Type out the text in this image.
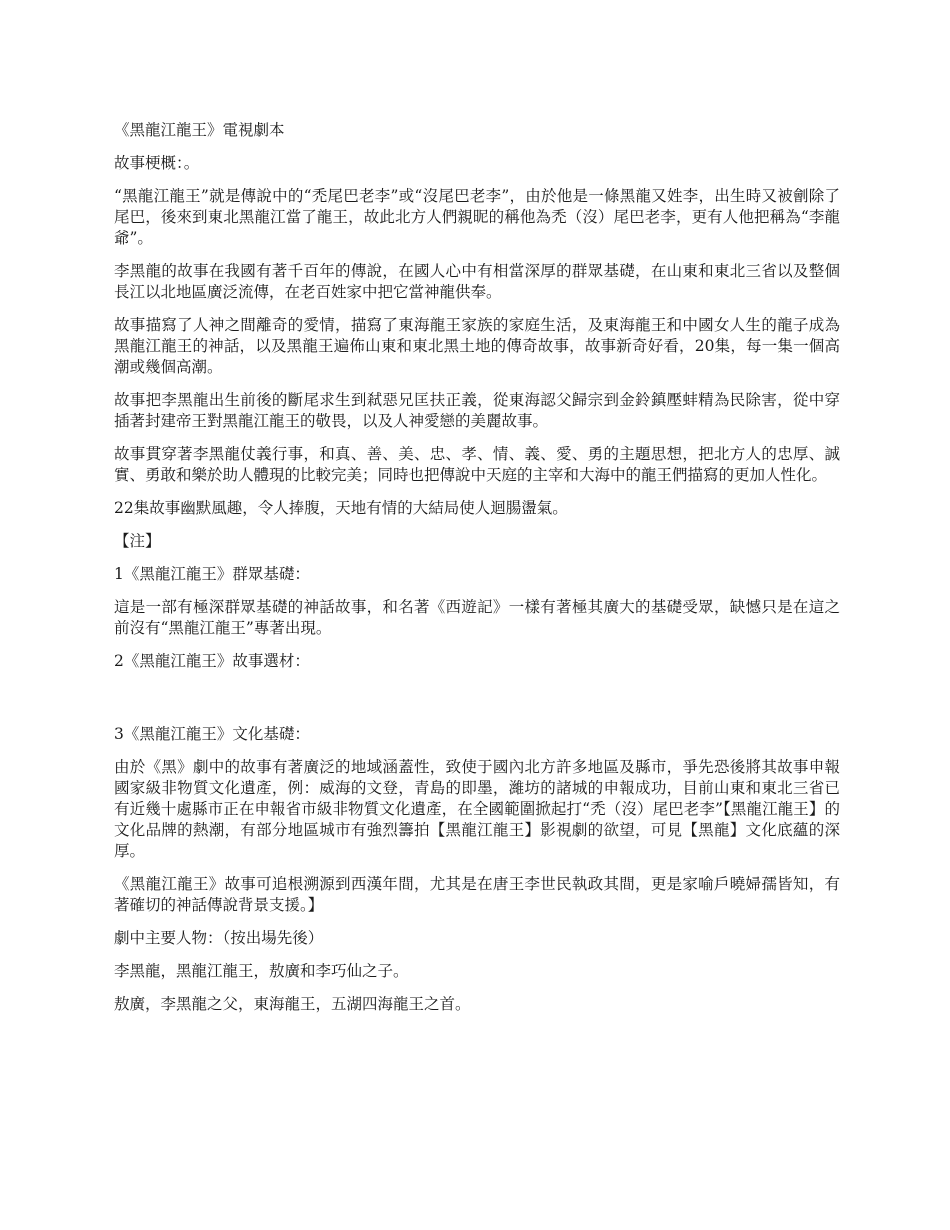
《黑龍江龍王》電視劇本

故事梗概：。

“黑龍江龍王”就是傳說中的“禿尾巴老李”或“沒尾巴老李”，由於他是一條黑龍又姓李，出生時又被劊除了尾巴，後來到東北黑龍江當了龍王，故此北方人們親昵的稱他為禿（沒）尾巴老李，更有人他把稱為“李龍爺”。

李黑龍的故事在我國有著千百年的傳說，在國人心中有相當深厚的群眾基礎，在山東和東北三省以及整個長江以北地區廣泛流傳，在老百姓家中把它當神龍供奉。

故事描寫了人神之間離奇的愛情，描寫了東海龍王家族的家庭生活，及東海龍王和中國女人生的龍子成為黑龍江龍王的神話，以及黑龍王遍佈山東和東北黑土地的傳奇故事，故事新奇好看，20集，每一集一個高潮或幾個高潮。

故事把李黑龍出生前後的斷尾求生到弒惡兄匡扶正義，從東海認父歸宗到金鈴鎮壓蚌精為民除害，從中穿插著封建帝王對黑龍江龍王的敬畏，以及人神愛戀的美麗故事。

故事貫穿著李黑龍仗義行事，和真、善、美、忠、孝、情、義、愛、勇的主題思想，把北方人的忠厚、誠實、勇敢和樂於助人體現的比較完美；同時也把傳說中天庭的主宰和大海中的龍王們描寫的更加人性化。

22集故事幽默風趣，令人捧腹，天地有情的大結局使人迴腸盪氣。

【注】

1《黑龍江龍王》群眾基礎：

這是一部有極深群眾基礎的神話故事，和名著《西遊記》一樣有著極其廣大的基礎受眾，缺憾只是在這之前沒有“黑龍江龍王”專著出現。

2《黑龍江龍王》故事選材：

3《黑龍江龍王》文化基礎：

由於《黑》劇中的故事有著廣泛的地域涵蓋性，致使于國內北方許多地區及縣市，爭先恐後將其故事申報國家級非物質文化遺產，例：威海的文登，青島的即墨，濰坊的諸城的申報成功，目前山東和東北三省已有近幾十處縣市正在申報省市級非物質文化遺產，在全國範圍掀起打“禿（沒）尾巴老李”【黑龍江龍王】的文化品牌的熱潮，有部分地區城市有強烈籌拍【黑龍江龍王】影視劇的欲望，可見【黑龍】文化底蘊的深厚。

《黑龍江龍王》故事可追根溯源到西漢年間，尤其是在唐王李世民執政其間，更是家喻戶曉婦孺皆知，有著確切的神話傳說背景支援。】

劇中主要人物：（按出場先後）

李黑龍，黑龍江龍王，敖廣和李巧仙之子。

敖廣，李黑龍之父，東海龍王，五湖四海龍王之首。
